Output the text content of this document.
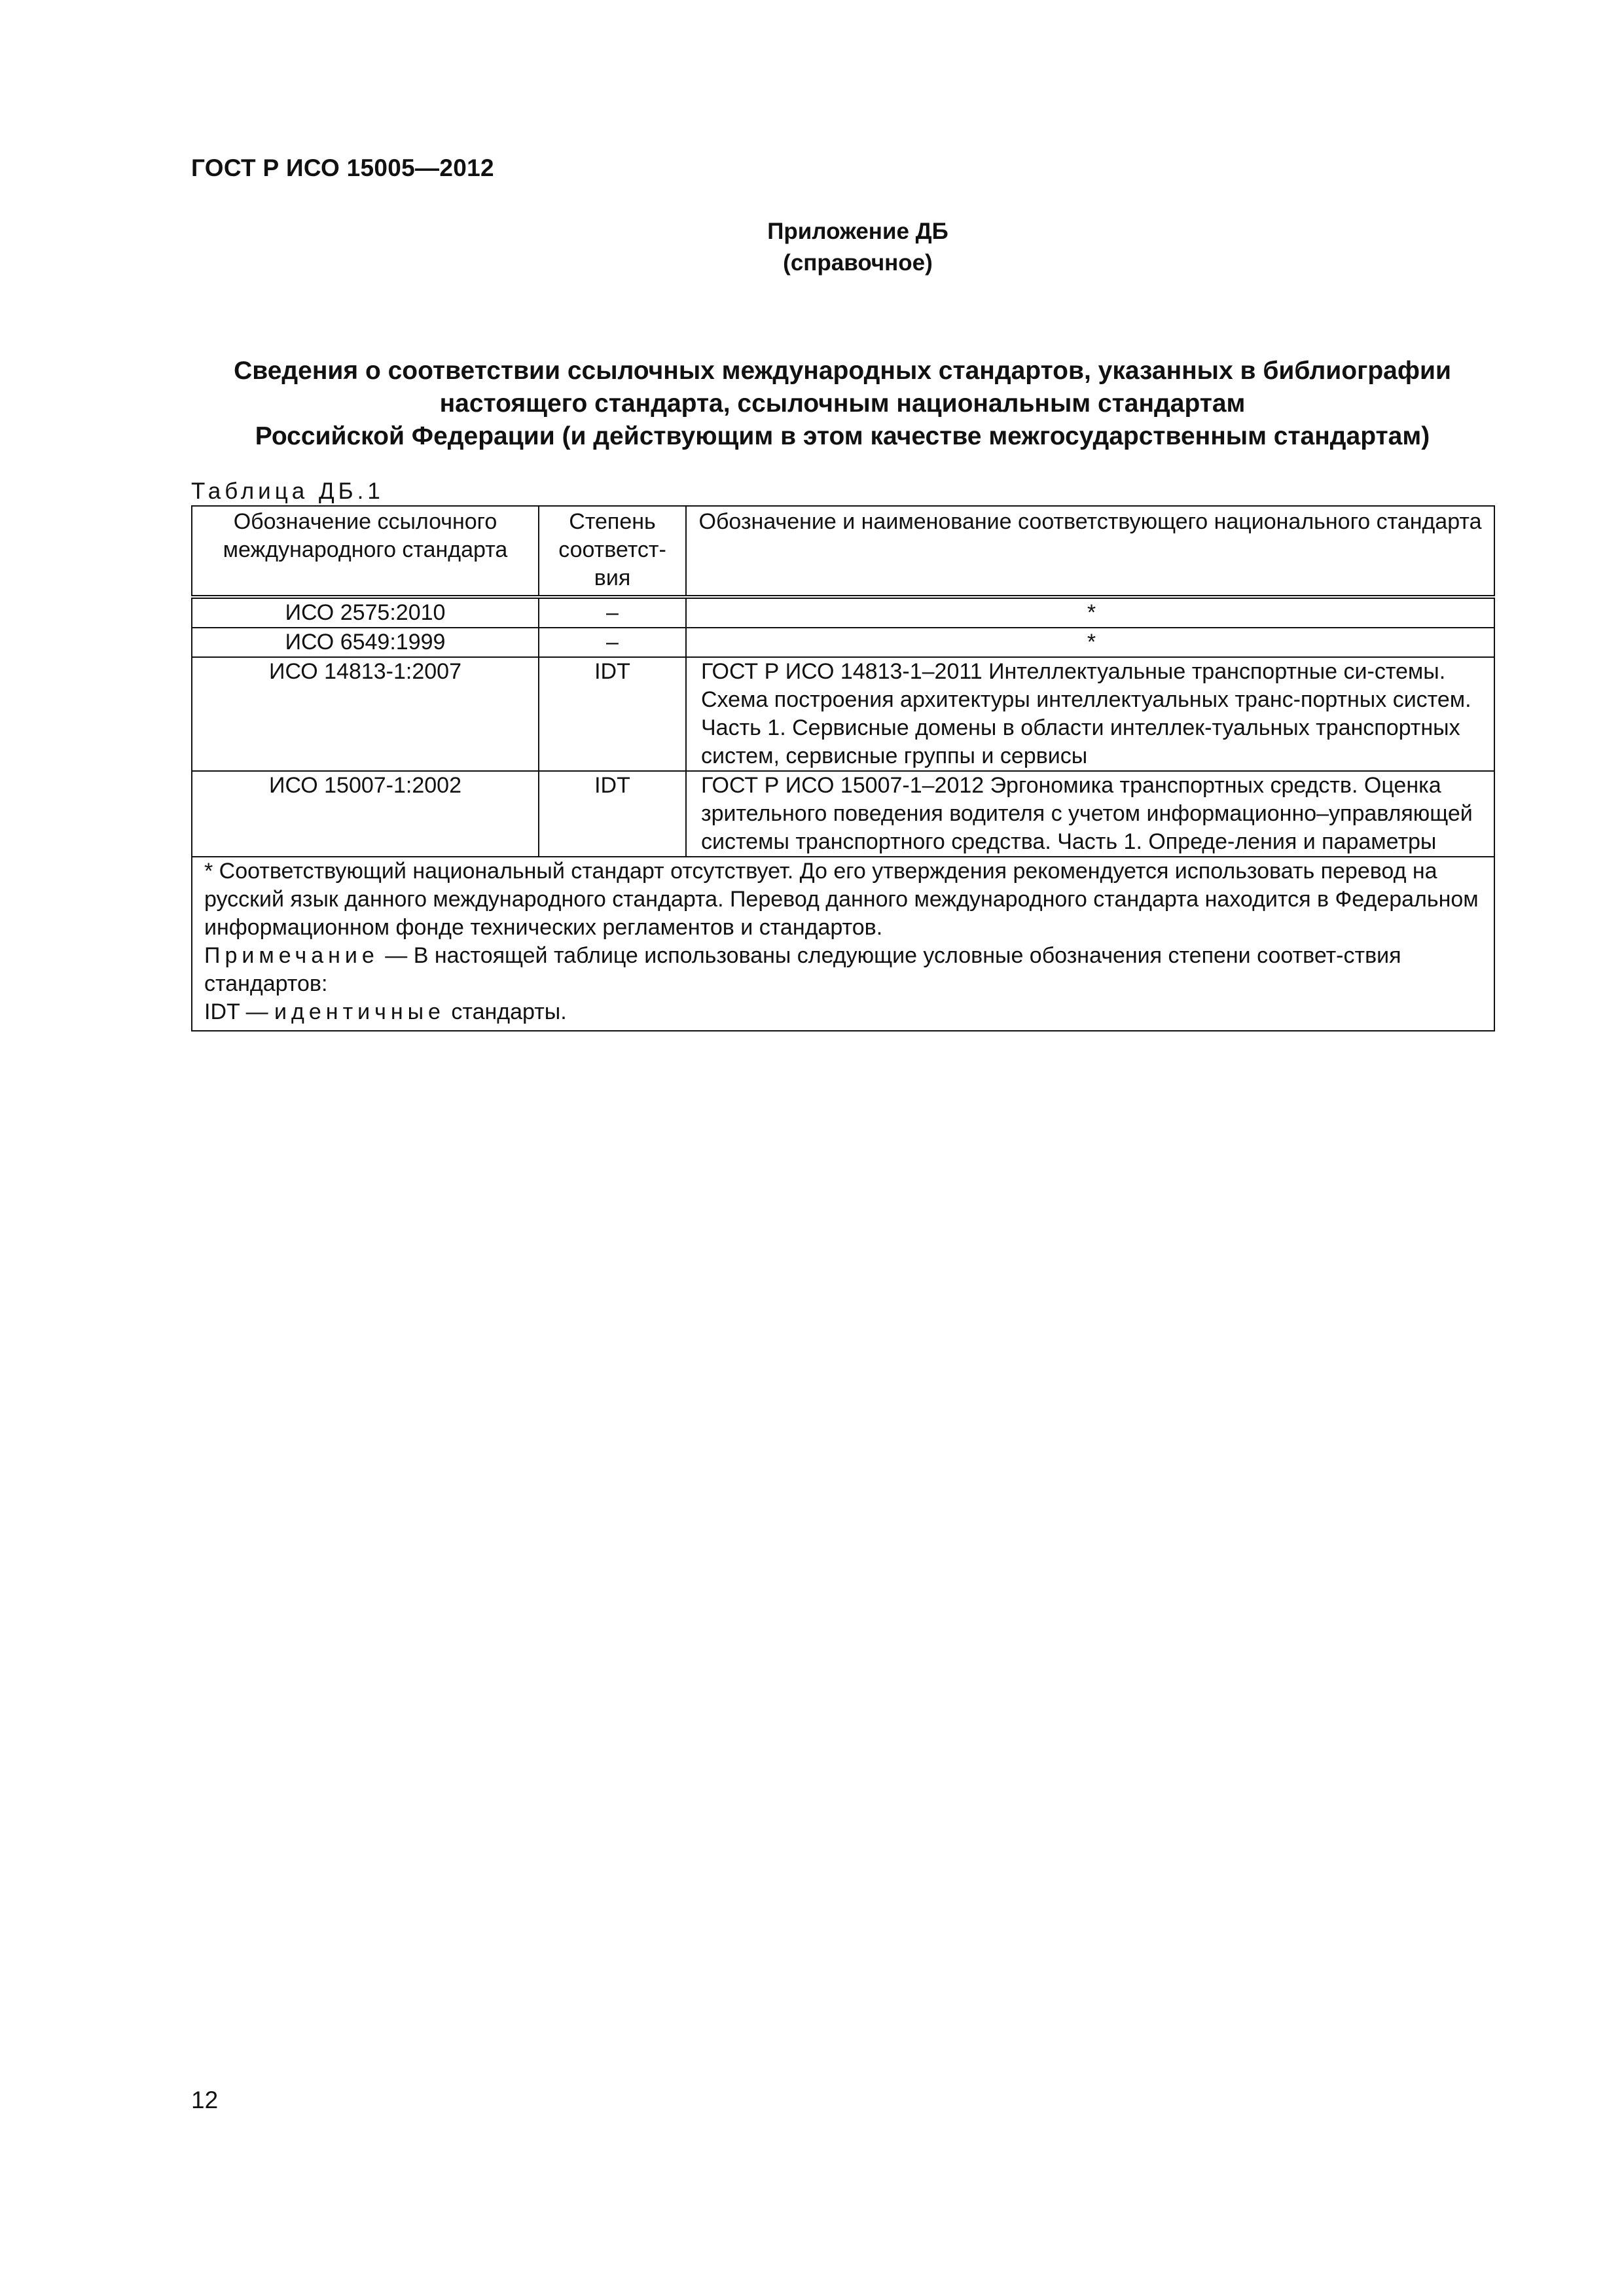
ГОСТ Р ИСО 15005—2012
Приложение ДБ
(справочное)
Сведения о соответствии ссылочных международных стандартов, указанных в библиографии
настоящего стандарта, ссылочным национальным стандартам
Российской Федерации (и действующим в этом качестве межгосударственным стандартам)
Таблица ДБ.1
Обозначение ссылочного международного стандарта	Степень соответст-вия	Обозначение и наименование соответствующего национального стандарта
ИСО 2575:2010	–	*
ИСО 6549:1999	–	*
ИСО 14813-1:2007	IDT	ГОСТ Р ИСО 14813-1–2011 Интеллектуальные транспортные си-стемы. Схема построения архитектуры интеллектуальных транс-портных систем. Часть 1. Сервисные домены в области интеллек-туальных транспортных систем, сервисные группы и сервисы
ИСО 15007-1:2002	IDT	ГОСТ Р ИСО 15007-1–2012 Эргономика транспортных средств. Оценка зрительного поведения водителя с учетом информационно–управляющей системы транспортного средства. Часть 1. Опреде-ления и параметры

* Соответствующий национальный стандарт отсутствует. До его утверждения рекомендуется использовать перевод на русский язык данного международного стандарта. Перевод данного международного стандарта находится в Федеральном информационном фонде технических регламентов и стандартов.
Примечание — В настоящей таблице использованы следующие условные обозначения степени соответ-ствия стандартов:
IDT — идентичные стандарты.		
12
